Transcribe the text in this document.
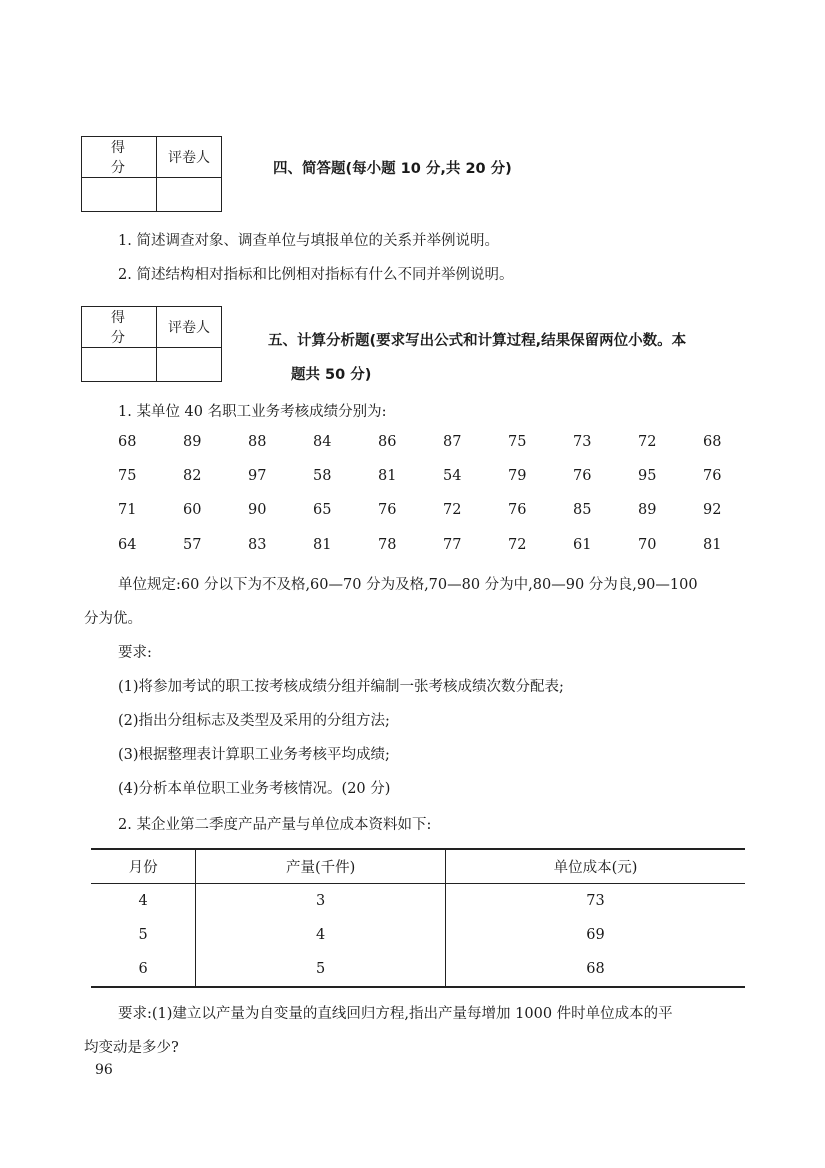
得　分	评卷人

四、简答题(每小题 10 分,共 20 分)
1. 简述调查对象、调查单位与填报单位的关系并举例说明。
2. 简述结构相对指标和比例相对指标有什么不同并举例说明。
得　分	评卷人

五、计算分析题(要求写出公式和计算过程,结果保留两位小数。本
题共 50 分)
1. 某单位 40 名职工业务考核成绩分别为:
68	89	88	84	86	87	75	73	72	68
75	82	97	58	81	54	79	76	95	76
71	60	90	65	76	72	76	85	89	92
64	57	83	81	78	77	72	61	70	81
单位规定:60 分以下为不及格,60—70 分为及格,70—80 分为中,80—90 分为良,90—100
分为优。
要求:
(1)将参加考试的职工按考核成绩分组并编制一张考核成绩次数分配表;
(2)指出分组标志及类型及采用的分组方法;
(3)根据整理表计算职工业务考核平均成绩;
(4)分析本单位职工业务考核情况。(20 分)
2. 某企业第二季度产品产量与单位成本资料如下:
月份	产量(千件)	单位成本(元)
4	3	73
5	4	69
6	5	68
要求:(1)建立以产量为自变量的直线回归方程,指出产量每增加 1000 件时单位成本的平
均变动是多少?
96
